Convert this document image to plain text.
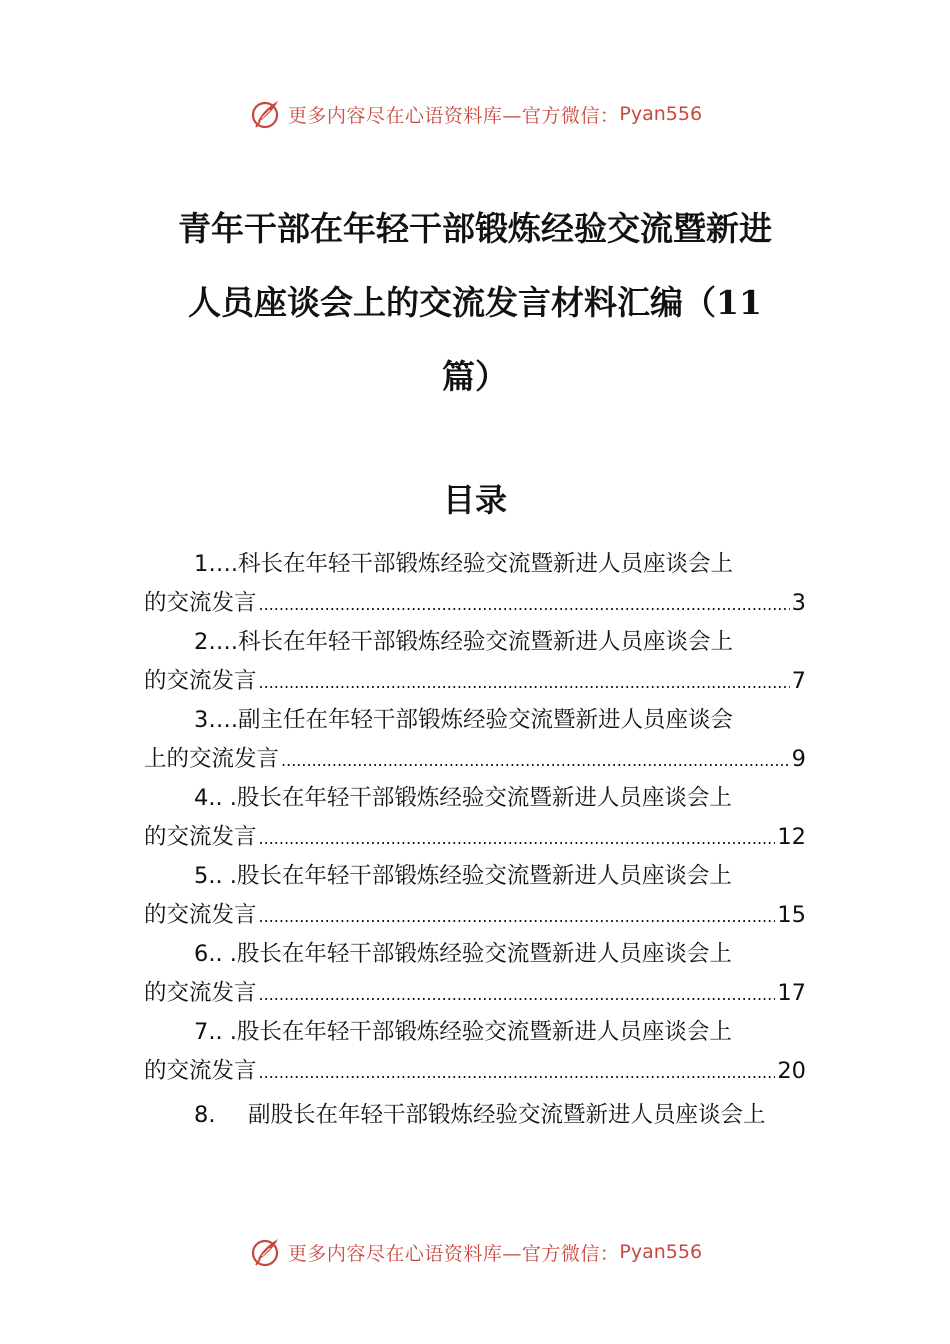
更多内容尽在心语资料库—官方微信： Pyan556
青年干部在年轻干部锻炼经验交流暨新进
人员座谈会上的交流发言材料汇编（11
篇）
目录
1….科长在年轻干部锻炼经验交流暨新进人员座谈会上
的交流发言 .....	3
2….科长在年轻干部锻炼经验交流暨新进人员座谈会上
的交流发言 .....	7
3….副主任在年轻干部锻炼经验交流暨新进人员座谈会
上的交流发言 .....	9
4.. .股长在年轻干部锻炼经验交流暨新进人员座谈会上
的交流发言 .....	12
5.. .股长在年轻干部锻炼经验交流暨新进人员座谈会上
的交流发言 .....	15
6.. .股长在年轻干部锻炼经验交流暨新进人员座谈会上
的交流发言 .....	17
7.. .股长在年轻干部锻炼经验交流暨新进人员座谈会上
的交流发言 .....	20
8. 副股长在年轻干部锻炼经验交流暨新进人员座谈会上
更多内容尽在心语资料库—官方微信： Pyan556
